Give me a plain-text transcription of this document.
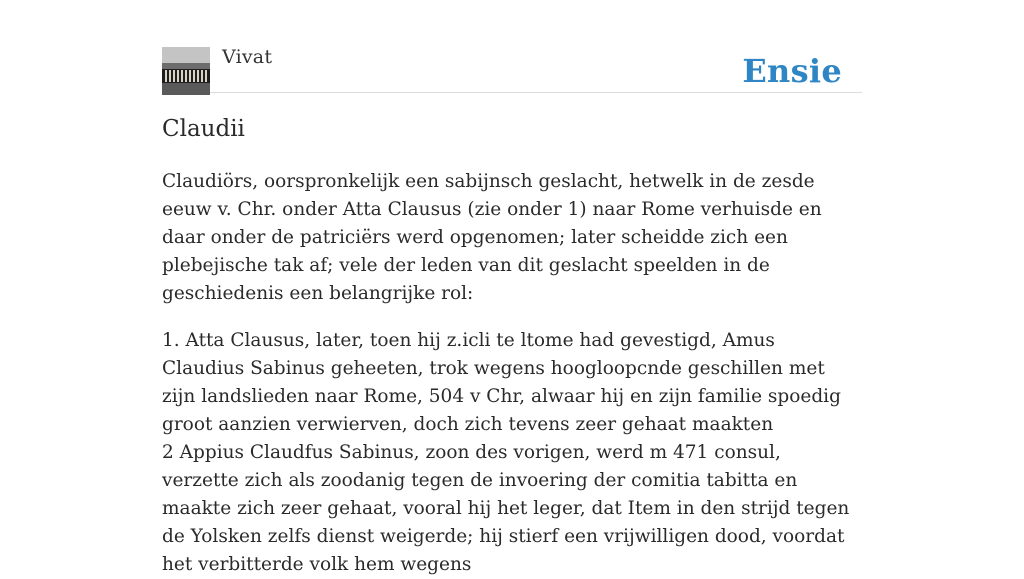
Vivat	Ensie
Claudii

Claudiörs, oorspronkelijk een sabijnsch geslacht, hetwelk in de zesde eeuw v. Chr. onder Atta Clausus (zie onder 1) naar Rome verhuisde en daar onder de patriciërs werd opgenomen; later scheidde zich een plebejische tak af; vele der leden van dit geslacht speelden in de geschiedenis een belangrijke rol:

1. Atta Clausus, later, toen hij z.icli te ltome had gevestigd, Amus Claudius Sabinus geheeten, trok wegens hoogloopcnde geschillen met zijn landslieden naar Rome, 504 v Chr, alwaar hij en zijn familie spoedig groot aanzien verwierven, doch zich tevens zeer gehaat maakten
2 Appius Claudfus Sabinus, zoon des vorigen, werd m 471 consul, verzette zich als zoodanig tegen de invoering der comitia tabitta en maakte zich zeer gehaat, vooral hij het leger, dat Item in den strijd tegen de Yolsken zelfs dienst weigerde; hij stierf een vrijwilligen dood, voordat het verbitterde volk hem wegens
